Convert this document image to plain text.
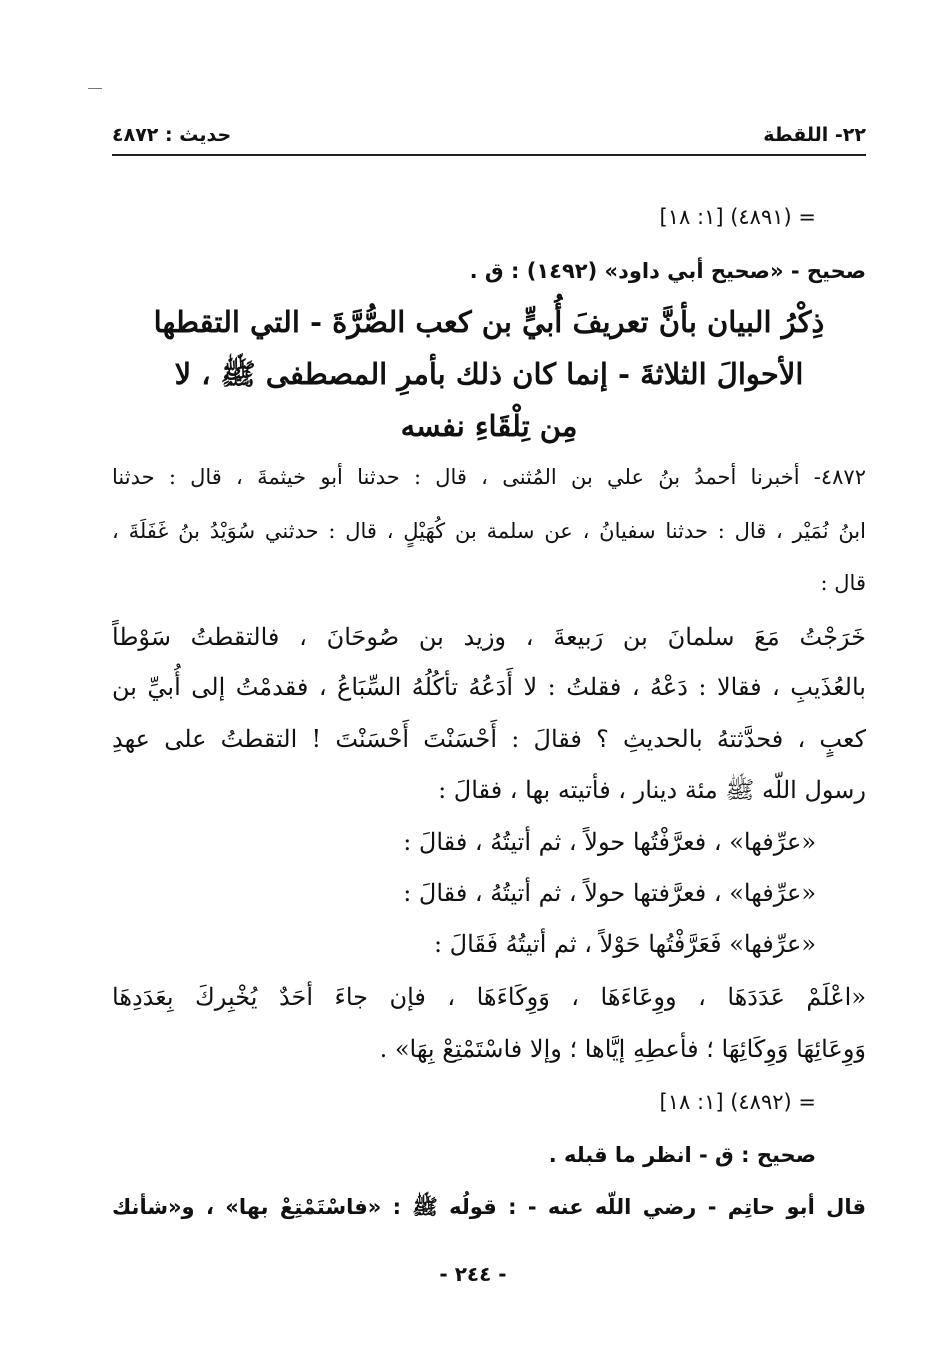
٢٢- اللقطة
حديث : ٤٨٧٢
= (٤٨٩١) [١: ١٨]
صحيح - «صحيح أبي داود» (١٤٩٢) : ق .
ذِكْرُ البيان بأنَّ تعريفَ أُبيٍّ بن كعب الصُّرَّةَ - التي التقطها
الأحوالَ الثلاثةَ - إنما كان ذلك بأمرِ المصطفى ﷺ ، لا
مِن تِلْقَاءِ نفسه
٤٨٧٢- أخبرنا أحمدُ بنُ علي بن المُثنى ، قال : حدثنا أبو خيثمةَ ، قال : حدثنا
ابنُ نُمَيْر ، قال : حدثنا سفيانُ ، عن سلمة بن كُهَيْلٍ ، قال : حدثني سُوَيْدُ بنُ غَفَلَةَ ،
قال :
خَرَجْتُ مَعَ سلمانَ بن رَبيعةَ ، وزيد بن صُوحَانَ ، فالتقطتُ سَوْطاً
بالعُذَيبِ ، فقالا : دَعْهُ ، فقلتُ : لا أَدَعُهُ تأكُلُهُ السِّبَاعُ ، فقدمْتُ إلى أُبيِّ بن
كعبٍ ، فحدَّثتهُ بالحديثِ ؟ فقالَ : أَحْسَنْتَ أَحْسَنْتَ ! التقطتُ على عهدِ
رسول اللّه ﷺ مئة دينار ، فأتيته بها ، فقالَ :
«عرِّفها» ، فعرَّفْتُها حولاً ، ثم أتيتُهُ ، فقالَ :
«عرِّفها» ، فعرَّفتها حولاً ، ثم أتيتُهُ ، فقالَ :
«عرِّفها» فَعَرَّفْتُها حَوْلاً ، ثم أتيتُهُ فَقَالَ :
«اعْلَمْ عَدَدَهَا ، ووِعَاءَهَا ، وَوِكَاءَهَا ، فإن جاءَ أحَدٌ يُخْبِركَ بِعَدَدِهَا
وَوِعَائِهَا وَوِكَائِهَا ؛ فأعطِهِ إيَّاها ؛ وإلا فاسْتَمْتِعْ بِهَا» .
= (٤٨٩٢) [١: ١٨]
صحيح : ق - انظر ما قبله .
قال أبو حاتِم - رضي اللّه عنه - : قولُه ﷺ : «فاسْتَمْتِعْ بها» ، و«شأنك
- ٢٤٤ -
